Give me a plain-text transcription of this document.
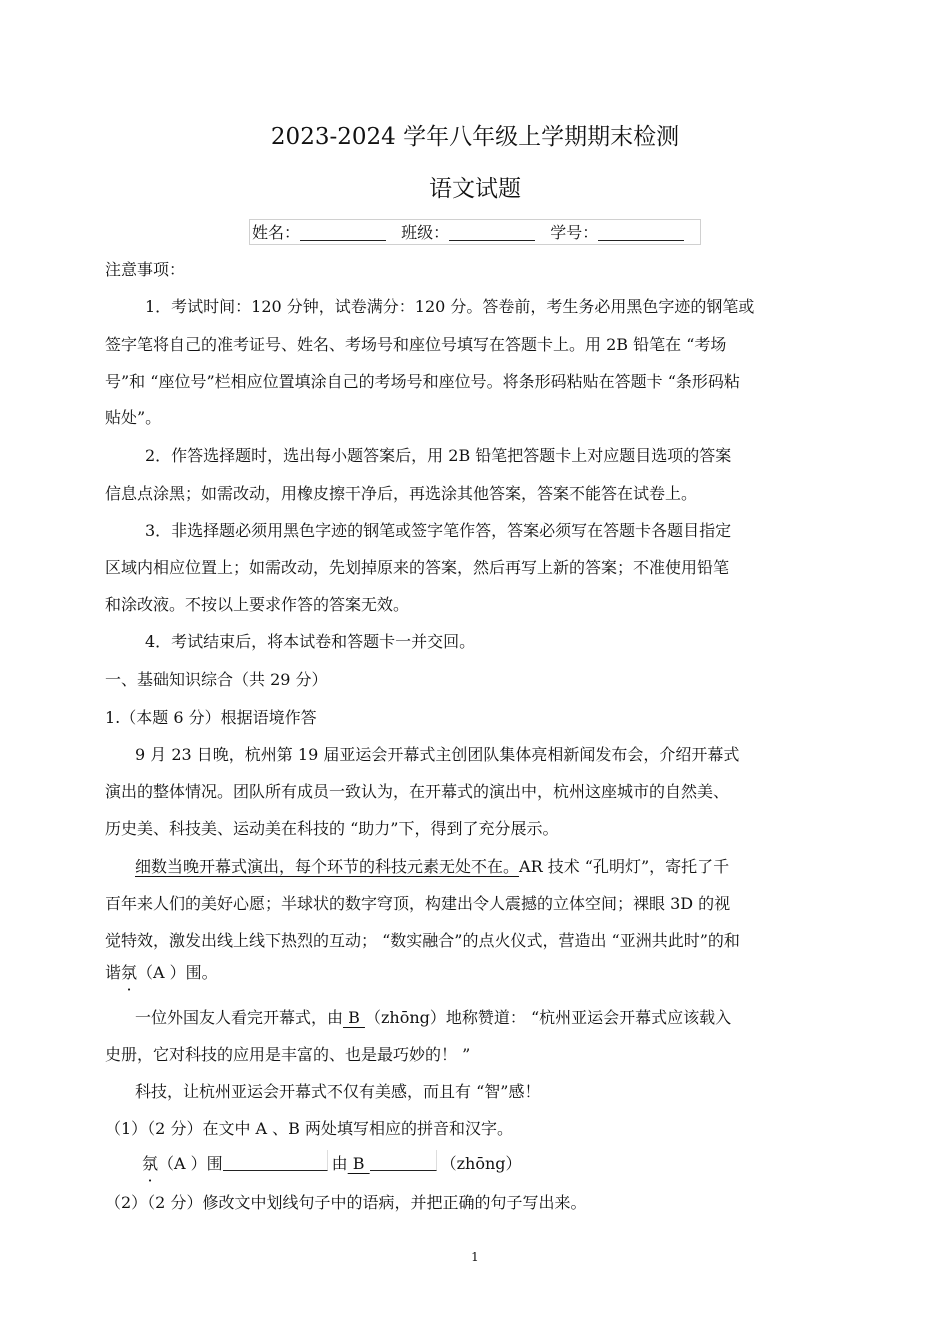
2023-2024 学年八年级上学期期末检测
语文试题
姓名：	班级：	学号：
注意事项：
1．考试时间：120 分钟，试卷满分：120 分。答卷前，考生务必用黑色字迹的钢笔或
签字笔将自己的准考证号、姓名、考场号和座位号填写在答题卡上。用 2B 铅笔在 “考场
号”和 “座位号”栏相应位置填涂自己的考场号和座位号。将条形码粘贴在答题卡 “条形码粘
贴处”。
2．作答选择题时，选出每小题答案后，用 2B 铅笔把答题卡上对应题目选项的答案
信息点涂黑；如需改动，用橡皮擦干净后，再选涂其他答案，答案不能答在试卷上。
3．非选择题必须用黑色字迹的钢笔或签字笔作答，答案必须写在答题卡各题目指定
区域内相应位置上；如需改动，先划掉原来的答案，然后再写上新的答案；不准使用铅笔
和涂改液。不按以上要求作答的答案无效。
4．考试结束后，将本试卷和答题卡一并交回。
一、基础知识综合（共 29 分）
1.（本题 6 分）根据语境作答
9 月 23 日晚，杭州第 19 届亚运会开幕式主创团队集体亮相新闻发布会，介绍开幕式
演出的整体情况。团队所有成员一致认为，在开幕式的演出中，杭州这座城市的自然美、
历史美、科技美、运动美在科技的 “助力”下，得到了充分展示。
细数当晚开幕式演出，每个环节的科技元素无处不在。AR 技术 “孔明灯”，寄托了千
百年来人们的美好心愿；半球状的数字穹顶，构建出令人震撼的立体空间；裸眼 3D 的视
觉特效，激发出线上线下热烈的互动； “数实融合”的点火仪式，营造出 “亚洲共此时”的和
谐氛（A ）围。
一位外国友人看完开幕式，由 B （zhōng）地称赞道： “杭州亚运会开幕式应该载入
史册，它对科技的应用是丰富的、也是最巧妙的！ ”
科技，让杭州亚运会开幕式不仅有美感，而且有 “智”感！
（1）（2 分）在文中 A 、B 两处填写相应的拼音和汉字。
氛（A ）围	由 B	（zhōng）
（2）（2 分）修改文中划线句子中的语病，并把正确的句子写出来。
1
